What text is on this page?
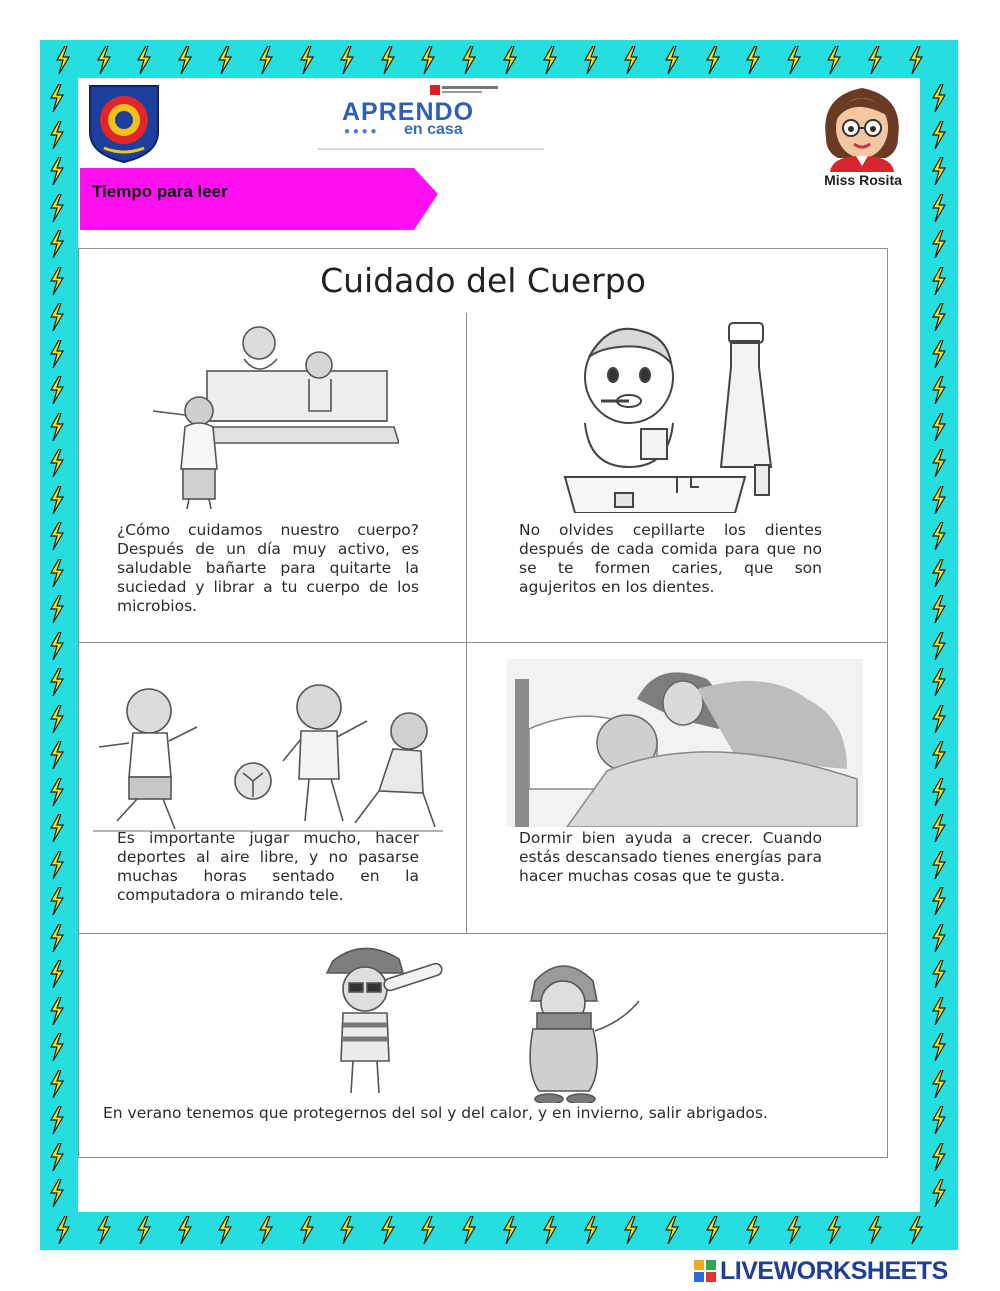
APRENDO
● ● ● ● en casa
Miss Rosita
Tiempo para leer
Cuidado del Cuerpo
¿Cómo cuidamos nuestro cuerpo? Después de un día muy activo, es saludable bañarte para quitarte la suciedad y librar a tu cuerpo de los microbios.
No olvides cepillarte los dientes después de cada comida para que no se te formen caries, que son agujeritos en los dientes.
Es importante jugar mucho, hacer deportes al aire libre, y no pasarse muchas horas sentado en la computadora o mirando tele.
Dormir bien ayuda a crecer. Cuando estás descansado tienes energías para hacer muchas cosas que te gusta.
En verano tenemos que protegernos del sol y del calor, y en invierno, salir abrigados.
LIVEWORKSHEETS
